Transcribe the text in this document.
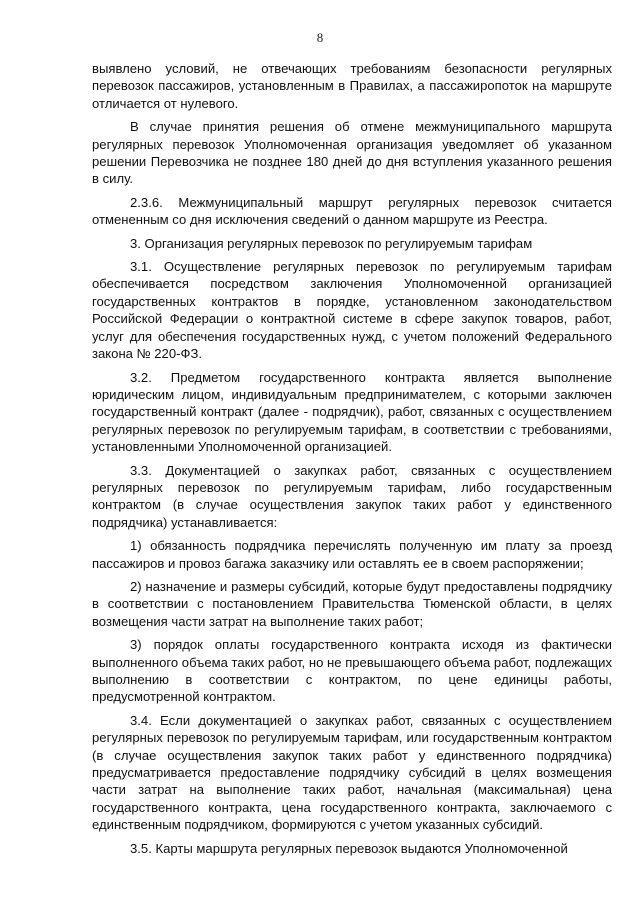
8

выявлено условий, не отвечающих требованиям безопасности регулярных перевозок пассажиров, установленным в Правилах, а пассажиропоток на маршруте отличается от нулевого.

В случае принятия решения об отмене межмуниципального маршрута регулярных перевозок Уполномоченная организация уведомляет об указанном решении Перевозчика не позднее 180 дней до дня вступления указанного решения в силу.

2.3.6. Межмуниципальный маршрут регулярных перевозок считается отмененным со дня исключения сведений о данном маршруте из Реестра.

3. Организация регулярных перевозок по регулируемым тарифам

3.1. Осуществление регулярных перевозок по регулируемым тарифам обеспечивается посредством заключения Уполномоченной организацией государственных контрактов в порядке, установленном законодательством Российской Федерации о контрактной системе в сфере закупок товаров, работ, услуг для обеспечения государственных нужд, с учетом положений Федерального закона № 220-ФЗ.

3.2. Предметом государственного контракта является выполнение юридическим лицом, индивидуальным предпринимателем, с которыми заключен государственный контракт (далее - подрядчик), работ, связанных с осуществлением регулярных перевозок по регулируемым тарифам, в соответствии с требованиями, установленными Уполномоченной организацией.

3.3. Документацией о закупках работ, связанных с осуществлением регулярных перевозок по регулируемым тарифам, либо государственным контрактом (в случае осуществления закупок таких работ у единственного подрядчика) устанавливается:

1) обязанность подрядчика перечислять полученную им плату за проезд пассажиров и провоз багажа заказчику или оставлять ее в своем распоряжении;

2) назначение и размеры субсидий, которые будут предоставлены подрядчику в соответствии с постановлением Правительства Тюменской области, в целях возмещения части затрат на выполнение таких работ;

3) порядок оплаты государственного контракта исходя из фактически выполненного объема таких работ, но не превышающего объема работ, подлежащих выполнению в соответствии с контрактом, по цене единицы работы, предусмотренной контрактом.

3.4. Если документацией о закупках работ, связанных с осуществлением регулярных перевозок по регулируемым тарифам, или государственным контрактом (в случае осуществления закупок таких работ у единственного подрядчика) предусматривается предоставление подрядчику субсидий в целях возмещения части затрат на выполнение таких работ, начальная (максимальная) цена государственного контракта, цена государственного контракта, заключаемого с единственным подрядчиком, формируются с учетом указанных субсидий.

3.5. Карты маршрута регулярных перевозок выдаются Уполномоченной
